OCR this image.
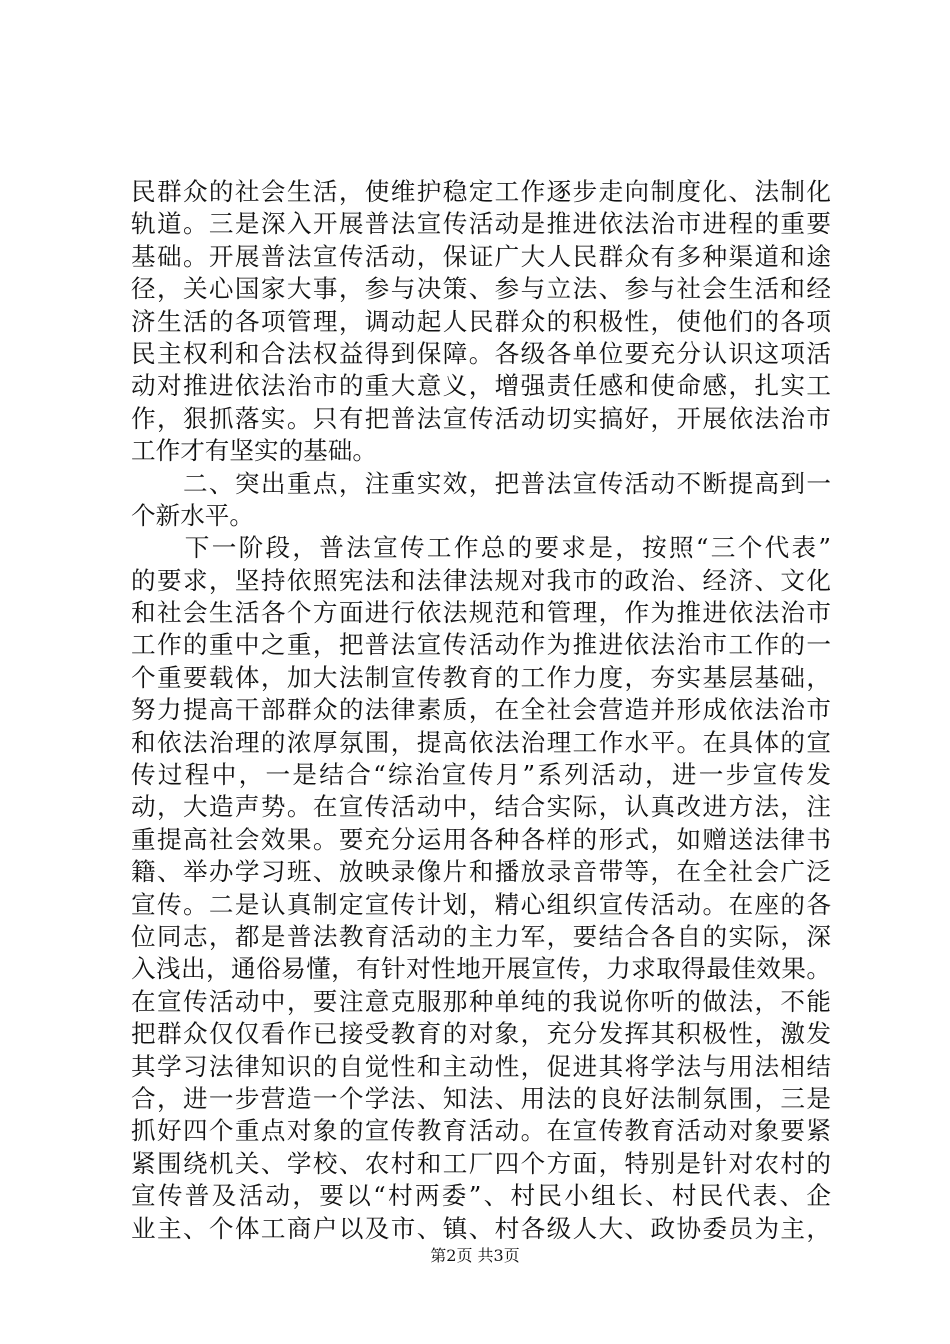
民群众的社会生活，使维护稳定工作逐步走向制度化、法制化
轨道。三是深入开展普法宣传活动是推进依法治市进程的重要
基础。开展普法宣传活动，保证广大人民群众有多种渠道和途
径，关心国家大事，参与决策、参与立法、参与社会生活和经
济生活的各项管理，调动起人民群众的积极性，使他们的各项
民主权利和合法权益得到保障。各级各单位要充分认识这项活
动对推进依法治市的重大意义，增强责任感和使命感，扎实工
作，狠抓落实。只有把普法宣传活动切实搞好，开展依法治市
工作才有坚实的基础。
　　二、突出重点，注重实效，把普法宣传活动不断提高到一
个新水平。
　　下一阶段，普法宣传工作总的要求是，按照“三个代表”
的要求，坚持依照宪法和法律法规对我市的政治、经济、文化
和社会生活各个方面进行依法规范和管理，作为推进依法治市
工作的重中之重，把普法宣传活动作为推进依法治市工作的一
个重要载体，加大法制宣传教育的工作力度，夯实基层基础，
努力提高干部群众的法律素质，在全社会营造并形成依法治市
和依法治理的浓厚氛围，提高依法治理工作水平。在具体的宣
传过程中，一是结合“综治宣传月”系列活动，进一步宣传发
动，大造声势。在宣传活动中，结合实际，认真改进方法，注
重提高社会效果。要充分运用各种各样的形式，如赠送法律书
籍、举办学习班、放映录像片和播放录音带等，在全社会广泛
宣传。二是认真制定宣传计划，精心组织宣传活动。在座的各
位同志，都是普法教育活动的主力军，要结合各自的实际，深
入浅出，通俗易懂，有针对性地开展宣传，力求取得最佳效果。
在宣传活动中，要注意克服那种单纯的我说你听的做法，不能
把群众仅仅看作已接受教育的对象，充分发挥其积极性，激发
其学习法律知识的自觉性和主动性，促进其将学法与用法相结
合，进一步营造一个学法、知法、用法的良好法制氛围，三是
抓好四个重点对象的宣传教育活动。在宣传教育活动对象要紧
紧围绕机关、学校、农村和工厂四个方面，特别是针对农村的
宣传普及活动，要以“村两委”、村民小组长、村民代表、企
业主、个体工商户以及市、镇、村各级人大、政协委员为主，
第2页 共3页
